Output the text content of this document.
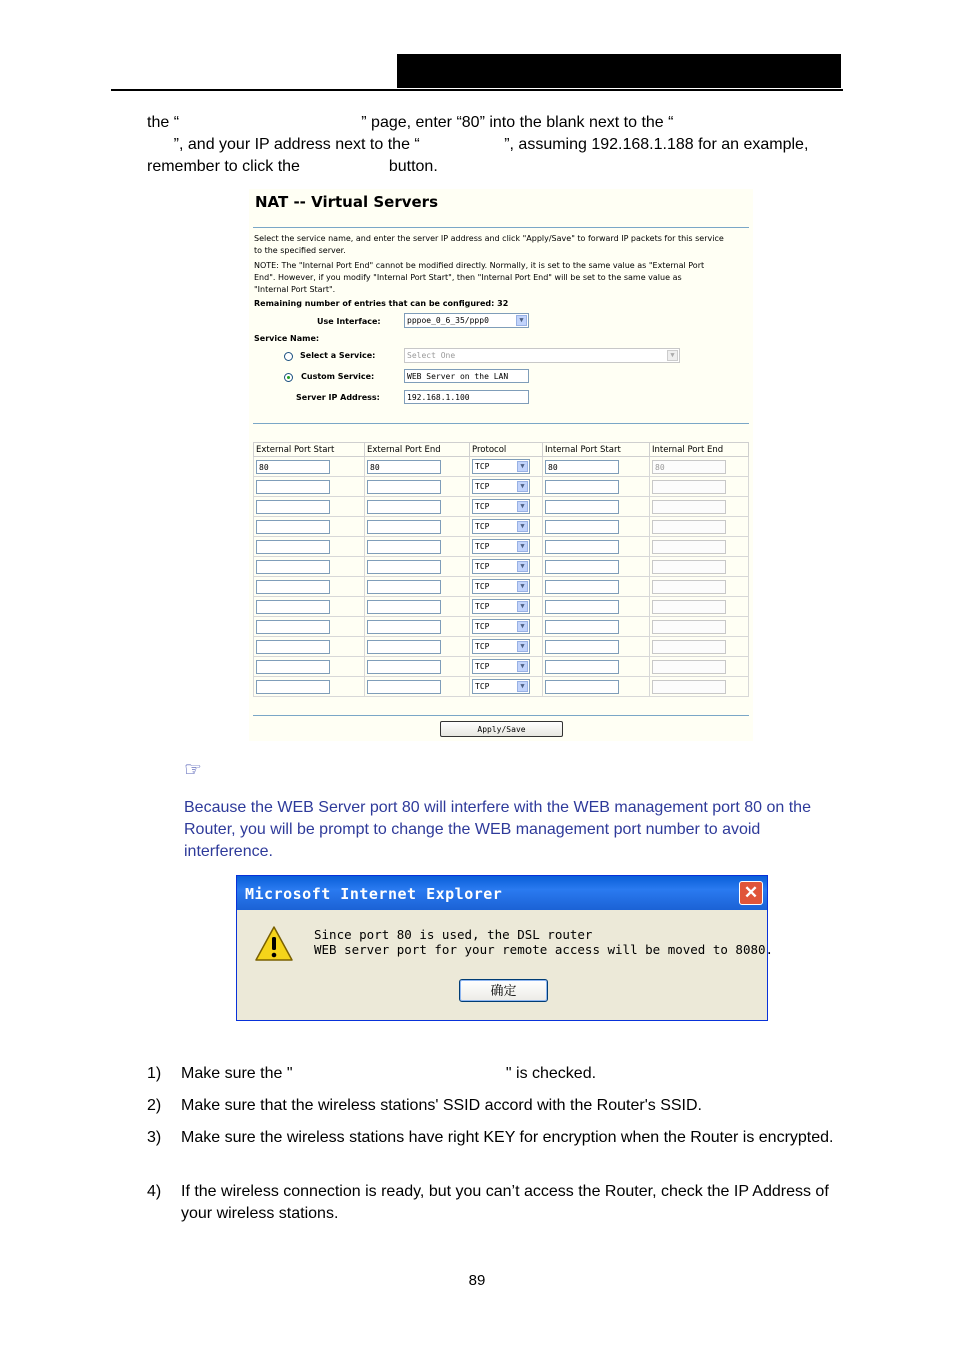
the “                                         ” page, enter “80” into the blank next to the “
”, and your IP address next to the “                   ”, assuming 192.168.1.188 for an example,
remember to click the                    button.
NAT -- Virtual Servers
Select the service name, and enter the server IP address and click "Apply/Save" to forward IP packets for this service
to the specified server.
NOTE: The "Internal Port End" cannot be modified directly. Normally, it is set to the same value as "External Port
End". However, if you modify "Internal Port Start", then "Internal Port End" will be set to the same value as
"Internal Port Start".
Remaining number of entries that can be configured: 32
Use Interface:	pppoe_0_6_35/ppp0	▼
Service Name:
Select a Service:	Select One	▼
Custom Service:	WEB Server on the LAN
Server IP Address:	192.168.1.100
External Port Start	External Port End	Protocol	Internal Port Start	Internal Port End

80	80	TCP ▼	80	80

		TCP ▼		

		TCP ▼		

		TCP ▼		

		TCP ▼		

		TCP ▼		

		TCP ▼		

		TCP ▼		

		TCP ▼		

		TCP ▼		

		TCP ▼		

		TCP ▼		

Apply/Save
☞
Because the WEB Server port 80 will interfere with the WEB management port 80 on the Router, you will be prompt to change the WEB management port number to avoid interference.
Microsoft Internet Explorer	✕
Since port 80 is used, the DSL router
WEB server port for your remote access will be moved to 8080.
确定
1) Make sure the "                                                " is checked.
2) Make sure that the wireless stations' SSID accord with the Router's SSID.
3) Make sure the wireless stations have right KEY for encryption when the Router is encrypted.
4) If the wireless connection is ready, but you can’t access the Router, check the IP Address of your wireless stations.
89
